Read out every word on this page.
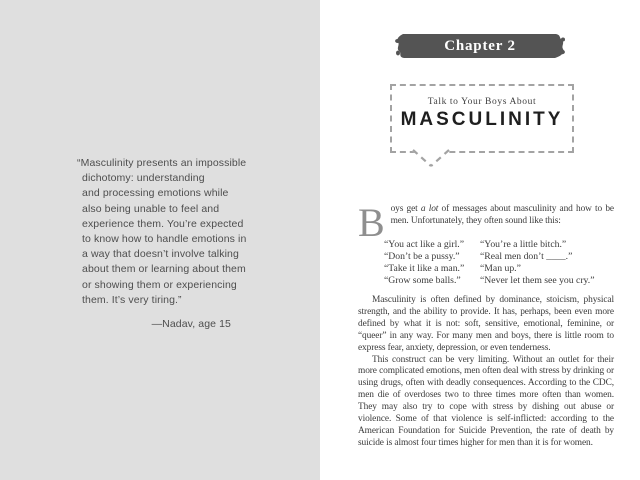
“Masculinity presents an impossible
dichotomy: understanding
and processing emotions while
also being unable to feel and
experience them. You’re expected
to know how to handle emotions in
a way that doesn’t involve talking
about them or learning about them
or showing them or experiencing
them. It’s very tiring.”
—Nadav, age 15
Chapter 2
Talk to Your Boys About
MASCULINITY

Boys get a lot of messages about masculinity and how to be men. Unfortunately, they often sound like this:

“You act like a girl.”
“Don’t be a pussy.”
“Take it like a man.”
“Grow some balls.”
“You’re a little bitch.”
“Real men don’t ____.”
“Man up.”
“Never let them see you cry.”

Masculinity is often defined by dominance, stoicism, physical strength, and the ability to provide. It has, perhaps, been even more defined by what it is not: soft, sensitive, emotional, feminine, or “queer” in any way. For many men and boys, there is little room to express fear, anxiety, depression, or even tenderness.

This construct can be very limiting. Without an outlet for their more complicated emotions, men often deal with stress by drinking or using drugs, often with deadly consequences. According to the CDC, men die of overdoses two to three times more often than women. They may also try to cope with stress by dishing out abuse or violence. Some of that violence is self-inflicted: according to the American Foundation for Suicide Prevention, the rate of death by suicide is almost four times higher for men than it is for women.
